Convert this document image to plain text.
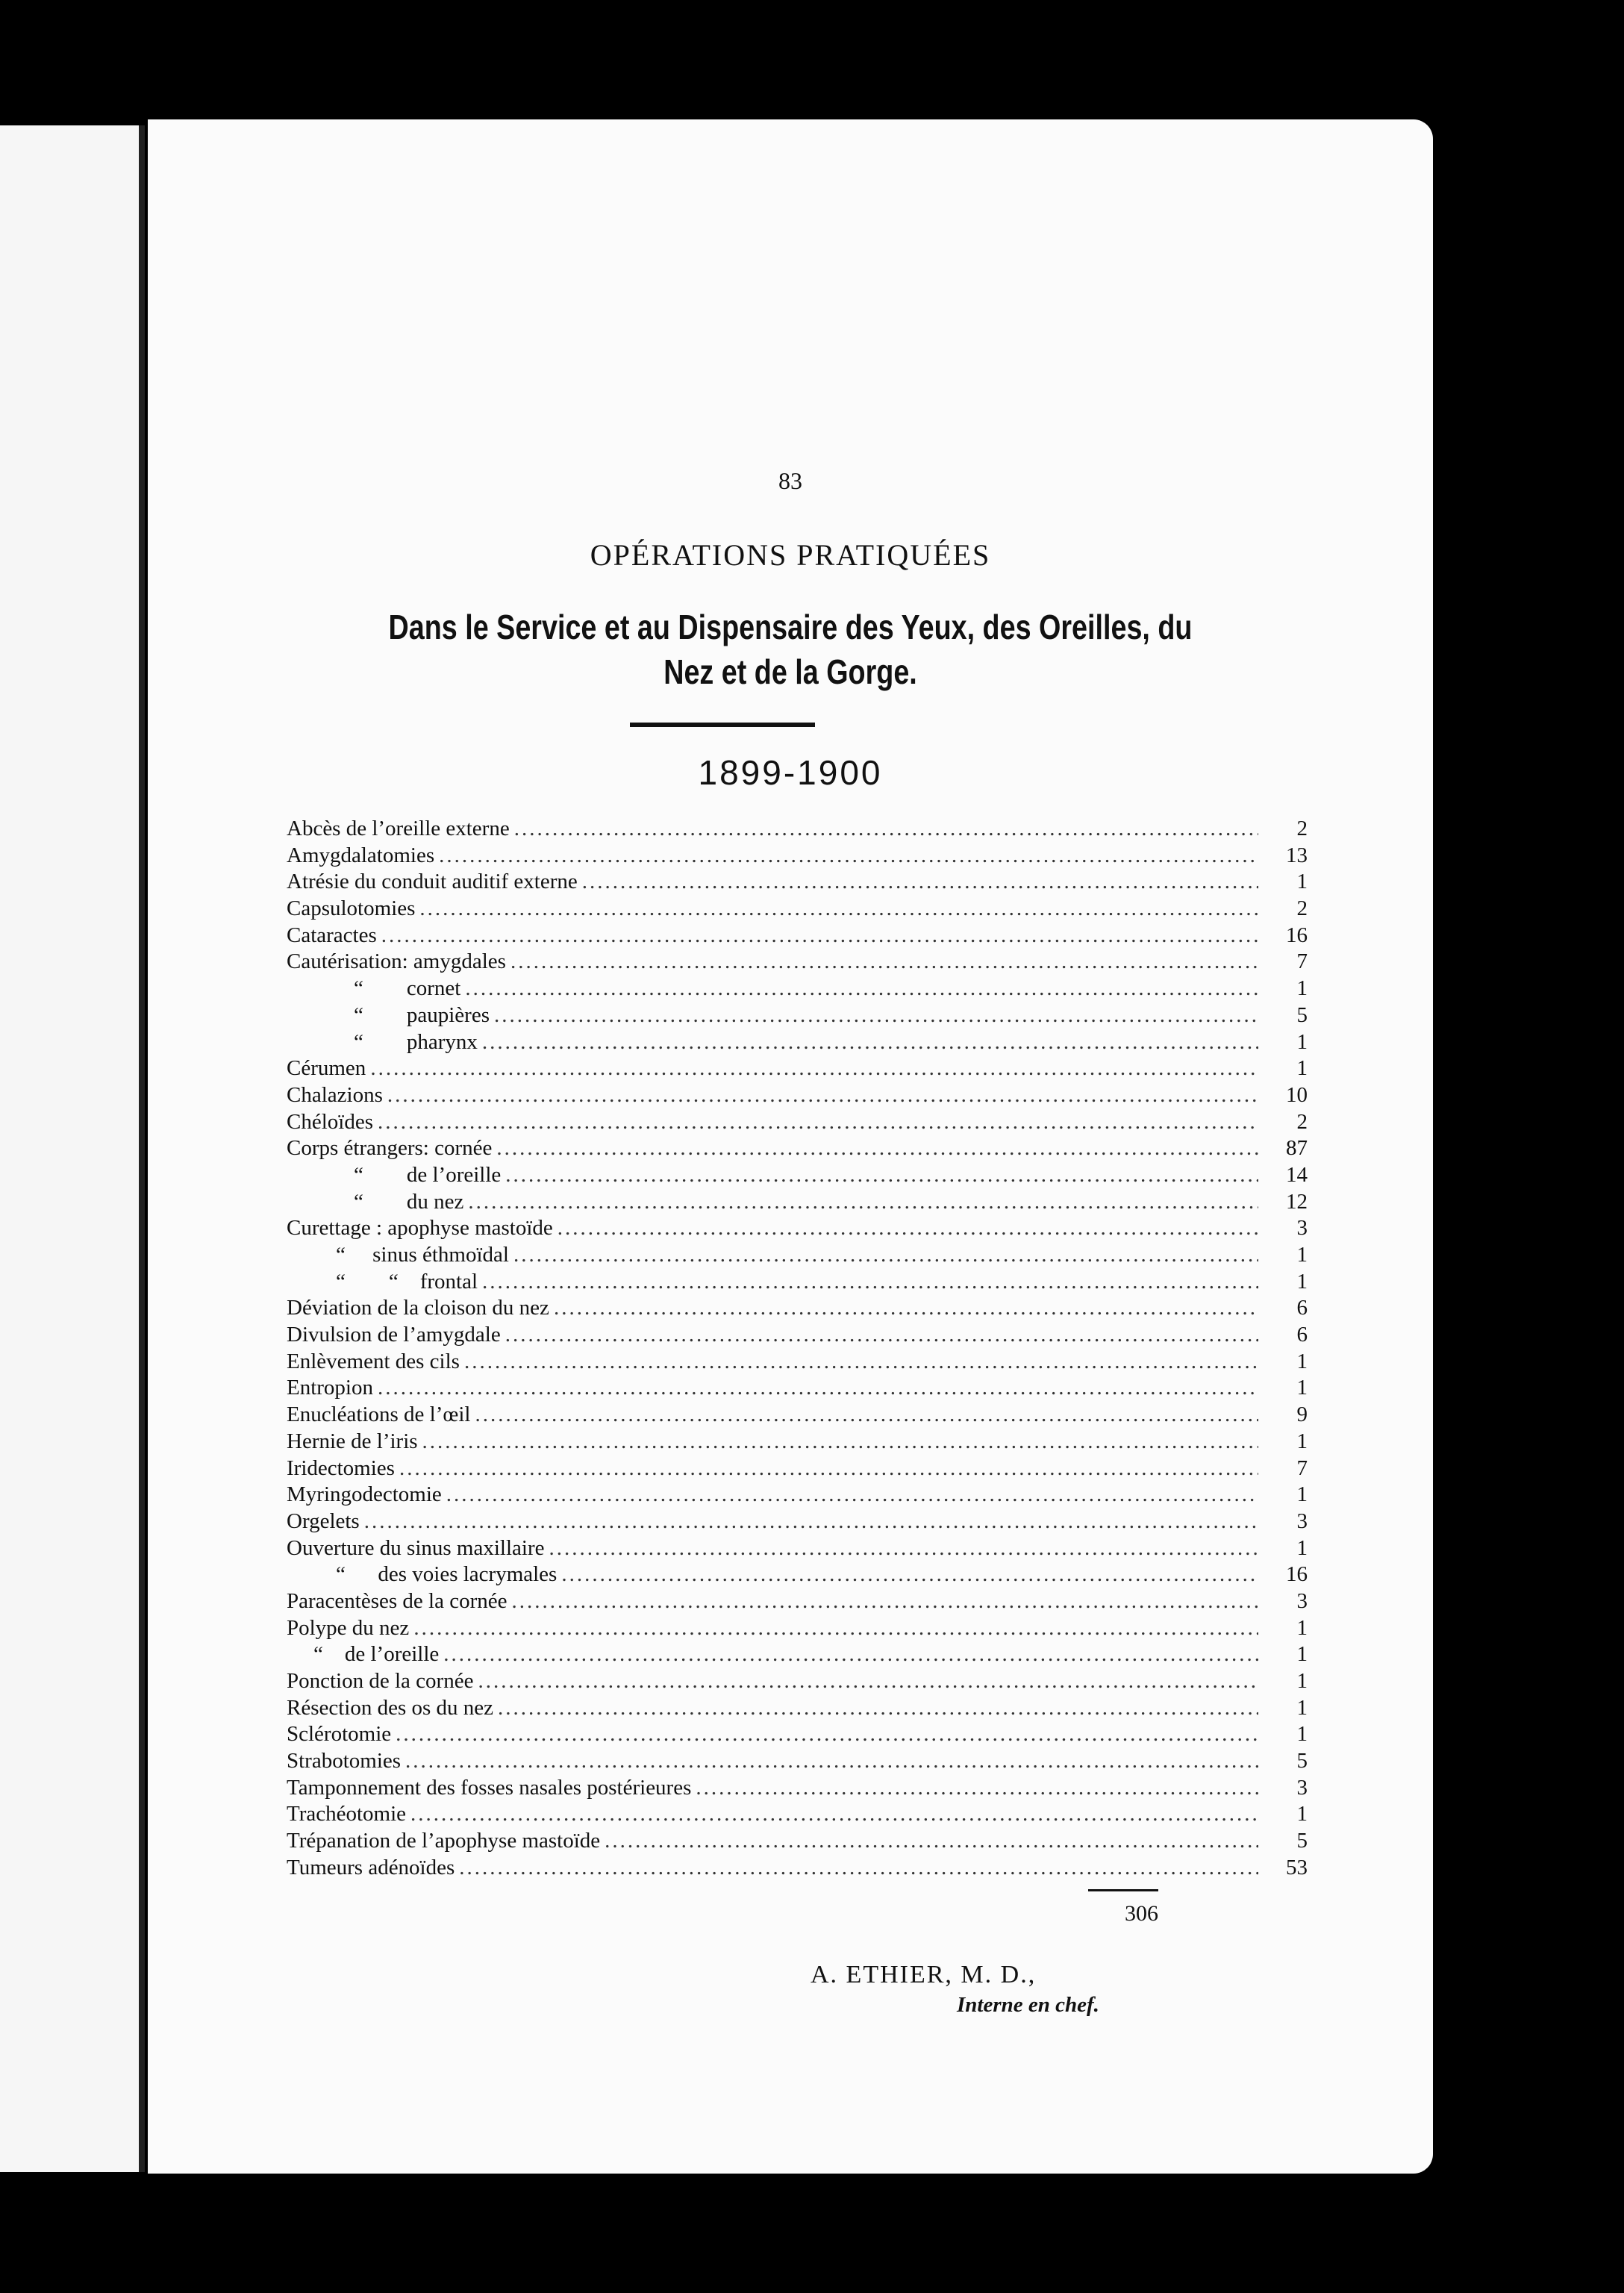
83
OPÉRATIONS PRATIQUÉES
Dans le Service et au Dispensaire des Yeux, des Oreilles, du Nez et de la Gorge.
1899-1900
Abcès de l’oreille externe .....	2
Amygdalatomies .....	13
Atrésie du conduit auditif externe .....	1
Capsulotomies .....	2
Cataractes .....	16
Cautérisation: amygdales .....	7
“        cornet .....	1
“        paupières .....	5
“        pharynx .....	1
Cérumen .....	1
Chalazions .....	10
Chéloïdes .....	2
Corps étrangers: cornée .....	87
“        de l’oreille .....	14
“        du nez .....	12
Curettage : apophyse mastoïde .....	3
“     sinus éthmoïdal .....	1
“        “    frontal .....	1
Déviation de la cloison du nez .....	6
Divulsion de l’amygdale .....	6
Enlèvement des cils .....	1
Entropion .....	1
Enucléations de l’œil .....	9
Hernie de l’iris .....	1
Iridectomies .....	7
Myringodectomie .....	1
Orgelets .....	3
Ouverture du sinus maxillaire .....	1
“      des voies lacrymales .....	16
Paracentèses de la cornée .....	3
Polype du nez .....	1
“    de l’oreille .....	1
Ponction de la cornée .....	1
Résection des os du nez .....	1
Sclérotomie .....	1
Strabotomies .....	5
Tamponnement des fosses nasales postérieures .....	3
Trachéotomie .....	1
Trépanation de l’apophyse mastoïde .....	5
Tumeurs adénoïdes .....	53
306
A. ETHIER, M. D.,
Interne en chef.
